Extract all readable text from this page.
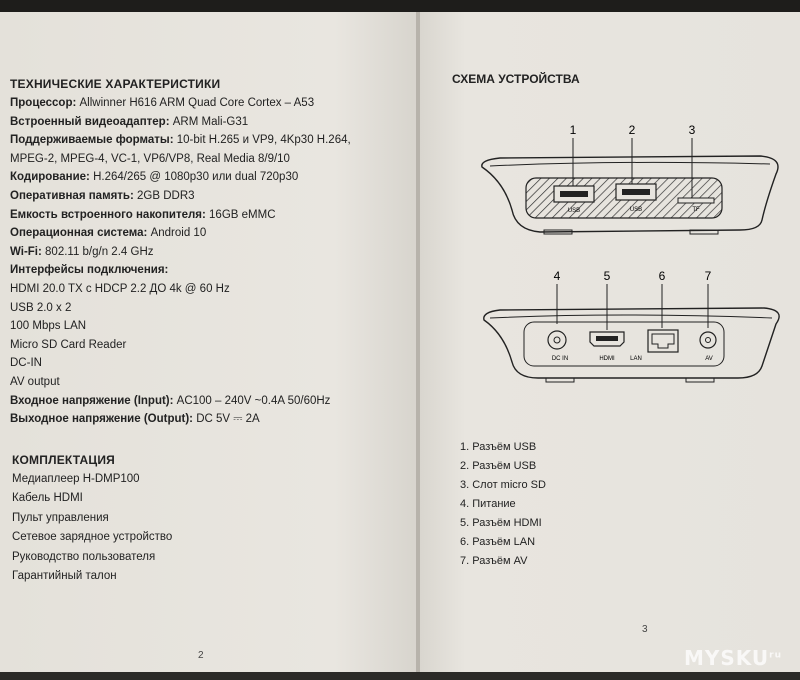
ТЕХНИЧЕСКИЕ ХАРАКТЕРИСТИКИ
Процессор: Allwinner H616 ARM Quad Core Cortex – A53
Встроенный видеоадаптер: ARM Mali-G31
Поддерживаемые форматы: 10-bit H.265 и VP9, 4Kp30 H.264,
MPEG-2, MPEG-4, VC-1, VP6/VP8, Real Media 8/9/10
Кодирование: H.264/265 @ 1080p30 или dual 720p30
Оперативная память: 2GB DDR3
Емкость встроенного накопителя: 16GB eMMC
Операционная система: Android 10
Wi-Fi: 802.11 b/g/n 2.4 GHz
Интерфейсы подключения:
HDMI 20.0 TX с HDCP 2.2 ДО 4k @ 60 Hz
USB 2.0 x 2
100 Mbps LAN
Micro SD Card Reader
DC-IN
AV output
Входное напряжение (Input): AC100 – 240V ~0.4A 50/60Hz
Выходное напряжение (Output): DC 5V ⎓ 2A
КОМПЛЕКТАЦИЯ
Медиаплеер H-DMP100
Кабель HDMI
Пульт управления
Сетевое зарядное устройство
Руководство пользователя
Гарантийный талон
2
СХЕМА УСТРОЙСТВА
1	2	3
USB	USB	TF
4	5	6	7
DC IN	HDMI	LAN	AV
1. Разъём USB
2. Разъём USB
3. Слот micro SD
4. Питание
5. Разъём HDMI
6. Разъём LAN
7. Разъём AV
3
$MYSKU^{ru}$
